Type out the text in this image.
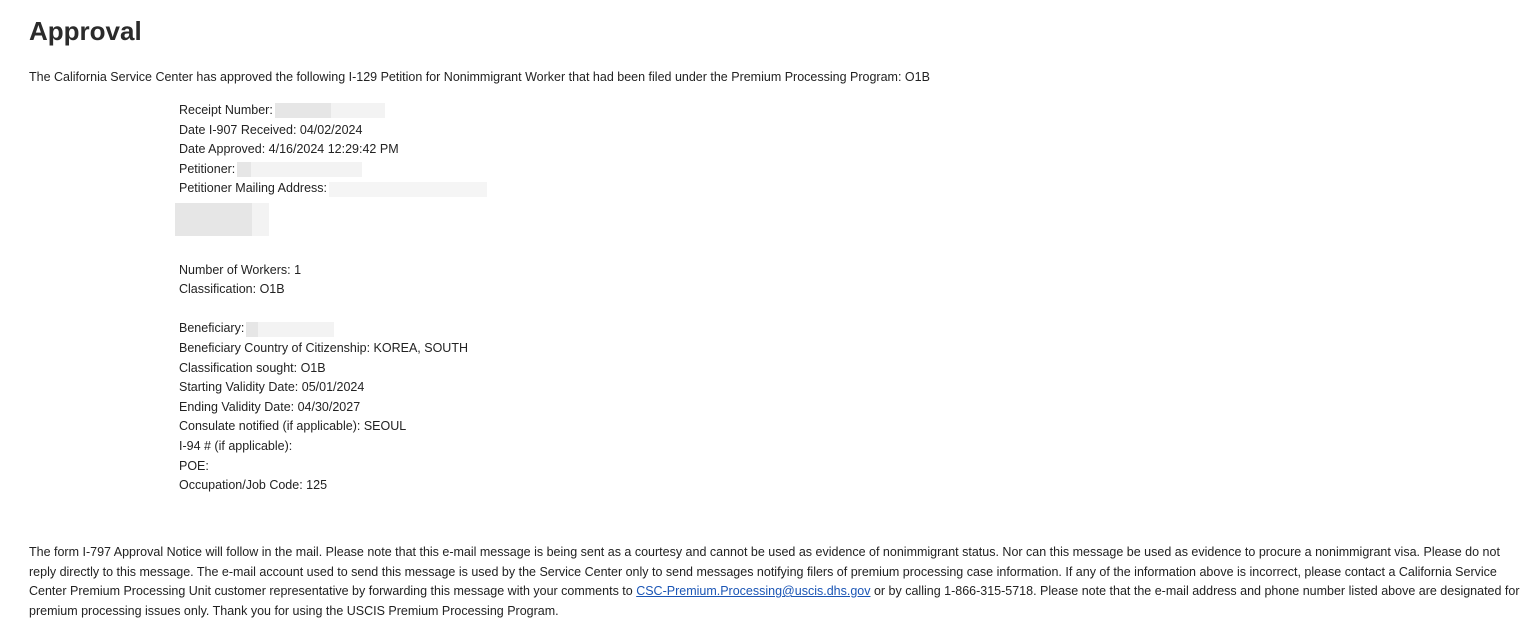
Approval
The California Service Center has approved the following I-129 Petition for Nonimmigrant Worker that had been filed under the Premium Processing Program: O1B
Receipt Number:
Date I-907 Received: 04/02/2024
Date Approved: 4/16/2024 12:29:42 PM
Petitioner:
Petitioner Mailing Address:
Number of Workers: 1
Classification: O1B
Beneficiary:
Beneficiary Country of Citizenship: KOREA, SOUTH
Classification sought: O1B
Starting Validity Date: 05/01/2024
Ending Validity Date: 04/30/2027
Consulate notified (if applicable): SEOUL
I-94 # (if applicable):
POE:
Occupation/Job Code: 125
The form I-797 Approval Notice will follow in the mail. Please note that this e-mail message is being sent as a courtesy and cannot be used as evidence of nonimmigrant status. Nor can this message be used as evidence to procure a nonimmigrant visa. Please do not reply directly to this message. The e-mail account used to send this message is used by the Service Center only to send messages notifying filers of premium processing case information. If any of the information above is incorrect, please contact a California Service Center Premium Processing Unit customer representative by forwarding this message with your comments to CSC-Premium.Processing@uscis.dhs.gov or by calling 1-866-315-5718. Please note that the e-mail address and phone number listed above are designated for premium processing issues only. Thank you for using the USCIS Premium Processing Program.
